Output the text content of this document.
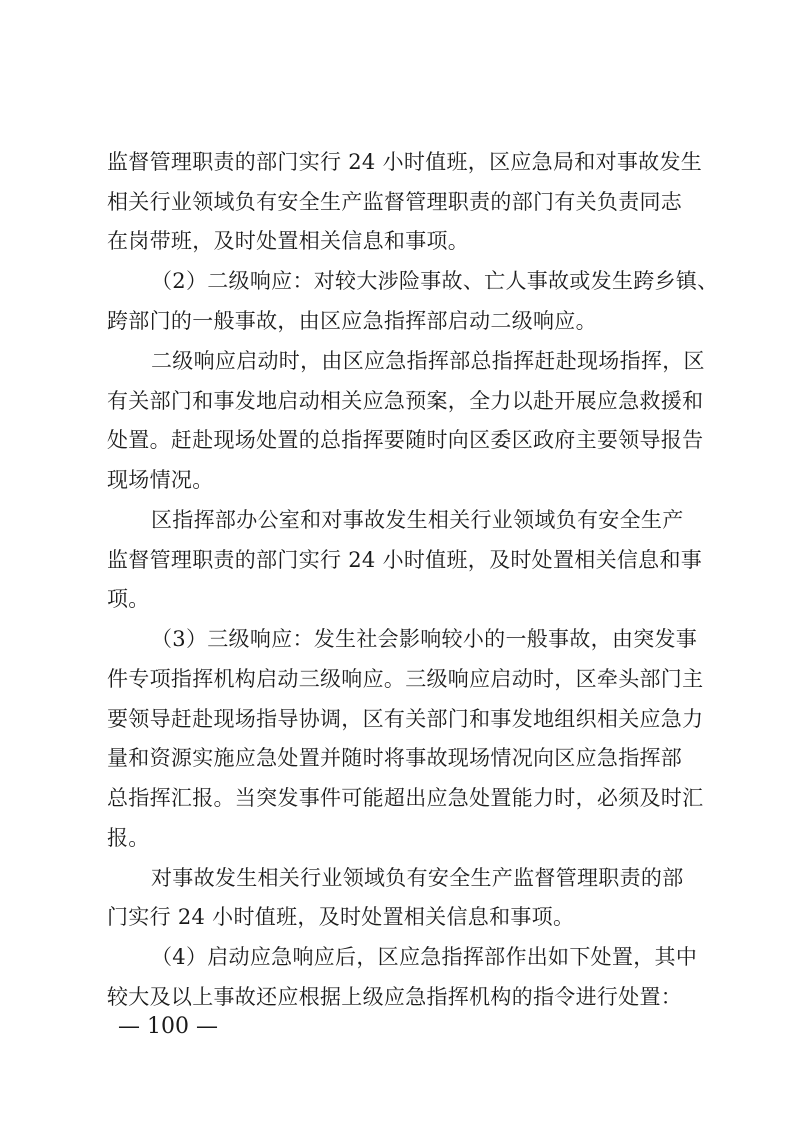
监督管理职责的部门实行 24 小时值班，区应急局和对事故发生
相关行业领域负有安全生产监督管理职责的部门有关负责同志
在岗带班，及时处置相关信息和事项。
（2）二级响应：对较大涉险事故、亡人事故或发生跨乡镇、
跨部门的一般事故，由区应急指挥部启动二级响应。
二级响应启动时，由区应急指挥部总指挥赶赴现场指挥，区
有关部门和事发地启动相关应急预案，全力以赴开展应急救援和
处置。赶赴现场处置的总指挥要随时向区委区政府主要领导报告
现场情况。
区指挥部办公室和对事故发生相关行业领域负有安全生产
监督管理职责的部门实行 24 小时值班，及时处置相关信息和事
项。
（3）三级响应：发生社会影响较小的一般事故，由突发事
件专项指挥机构启动三级响应。三级响应启动时，区牵头部门主
要领导赶赴现场指导协调，区有关部门和事发地组织相关应急力
量和资源实施应急处置并随时将事故现场情况向区应急指挥部
总指挥汇报。当突发事件可能超出应急处置能力时，必须及时汇
报。
对事故发生相关行业领域负有安全生产监督管理职责的部
门实行 24 小时值班，及时处置相关信息和事项。
（4）启动应急响应后，区应急指挥部作出如下处置，其中
较大及以上事故还应根据上级应急指挥机构的指令进行处置：
— 100 —
